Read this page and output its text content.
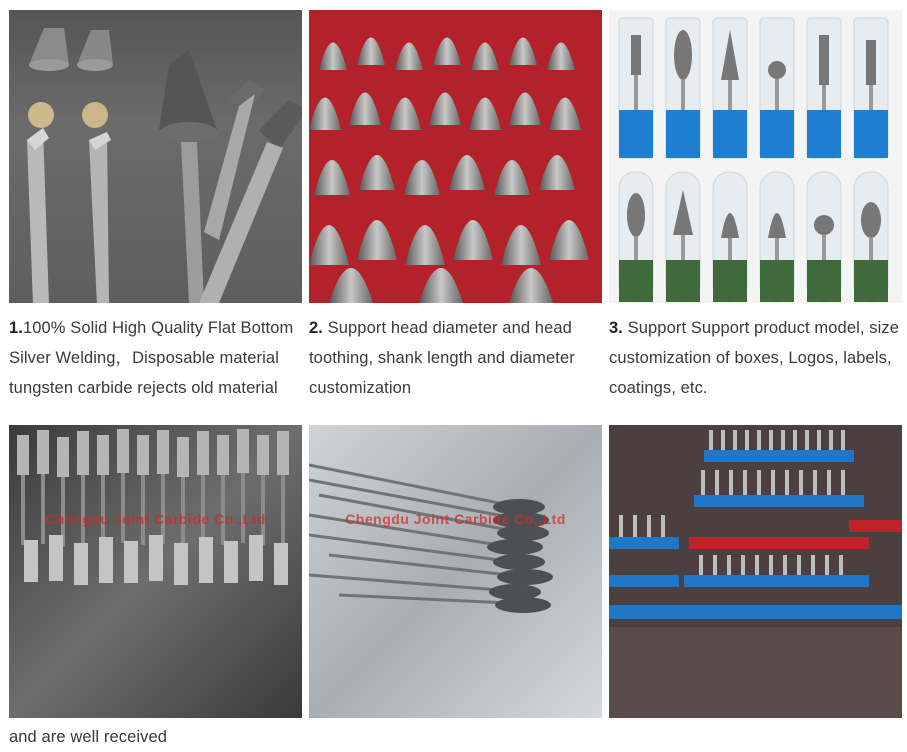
1.100% Solid High Quality Flat Bottom Silver Welding，Disposable material tungsten carbide rejects old material
2. Support head diameter and head toothing, shank length and diameter customization
3. Support Support product model, size customization of boxes, Logos, labels, coatings, etc.
Chengdu Joint Carbide Co.,Ltd
and are well received
Chengdu Joint Carbide Co.,Ltd
